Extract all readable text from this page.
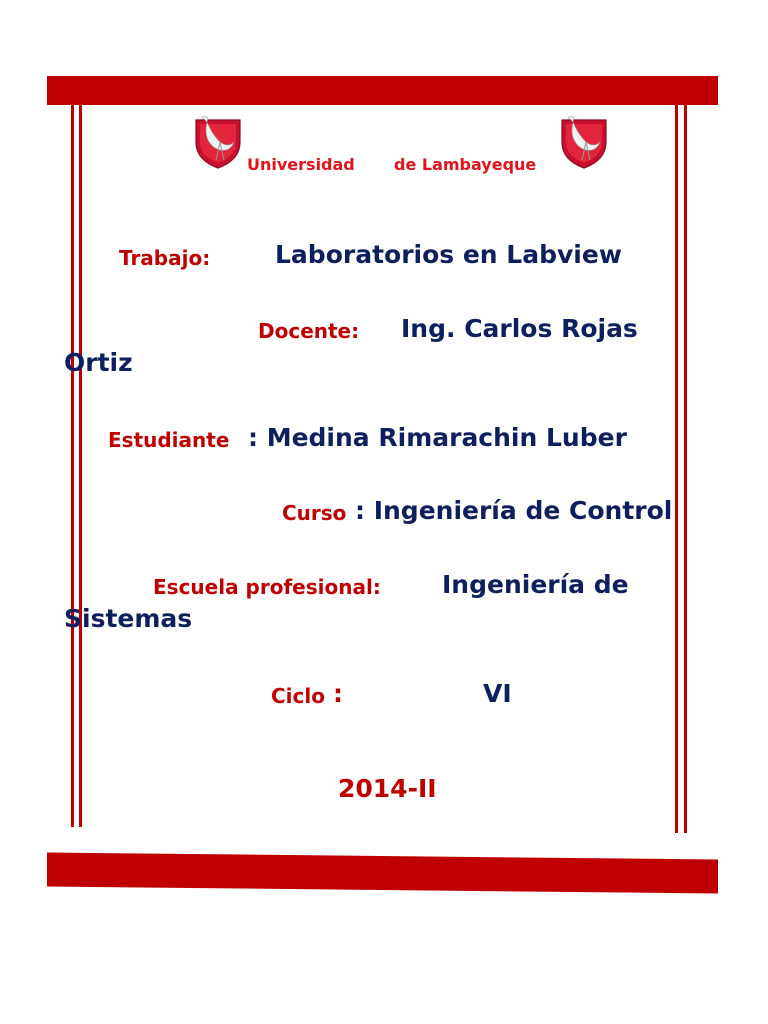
Universidad de Lambayeque
Trabajo:	Laboratorios en Labview
Docente: Ing. Carlos Rojas
Ortiz
Estudiante : Medina Rimarachin Luber
Curso : Ingeniería de Control
Escuela profesional: Ingeniería de
Sistemas
Ciclo :	VI
2014-II
